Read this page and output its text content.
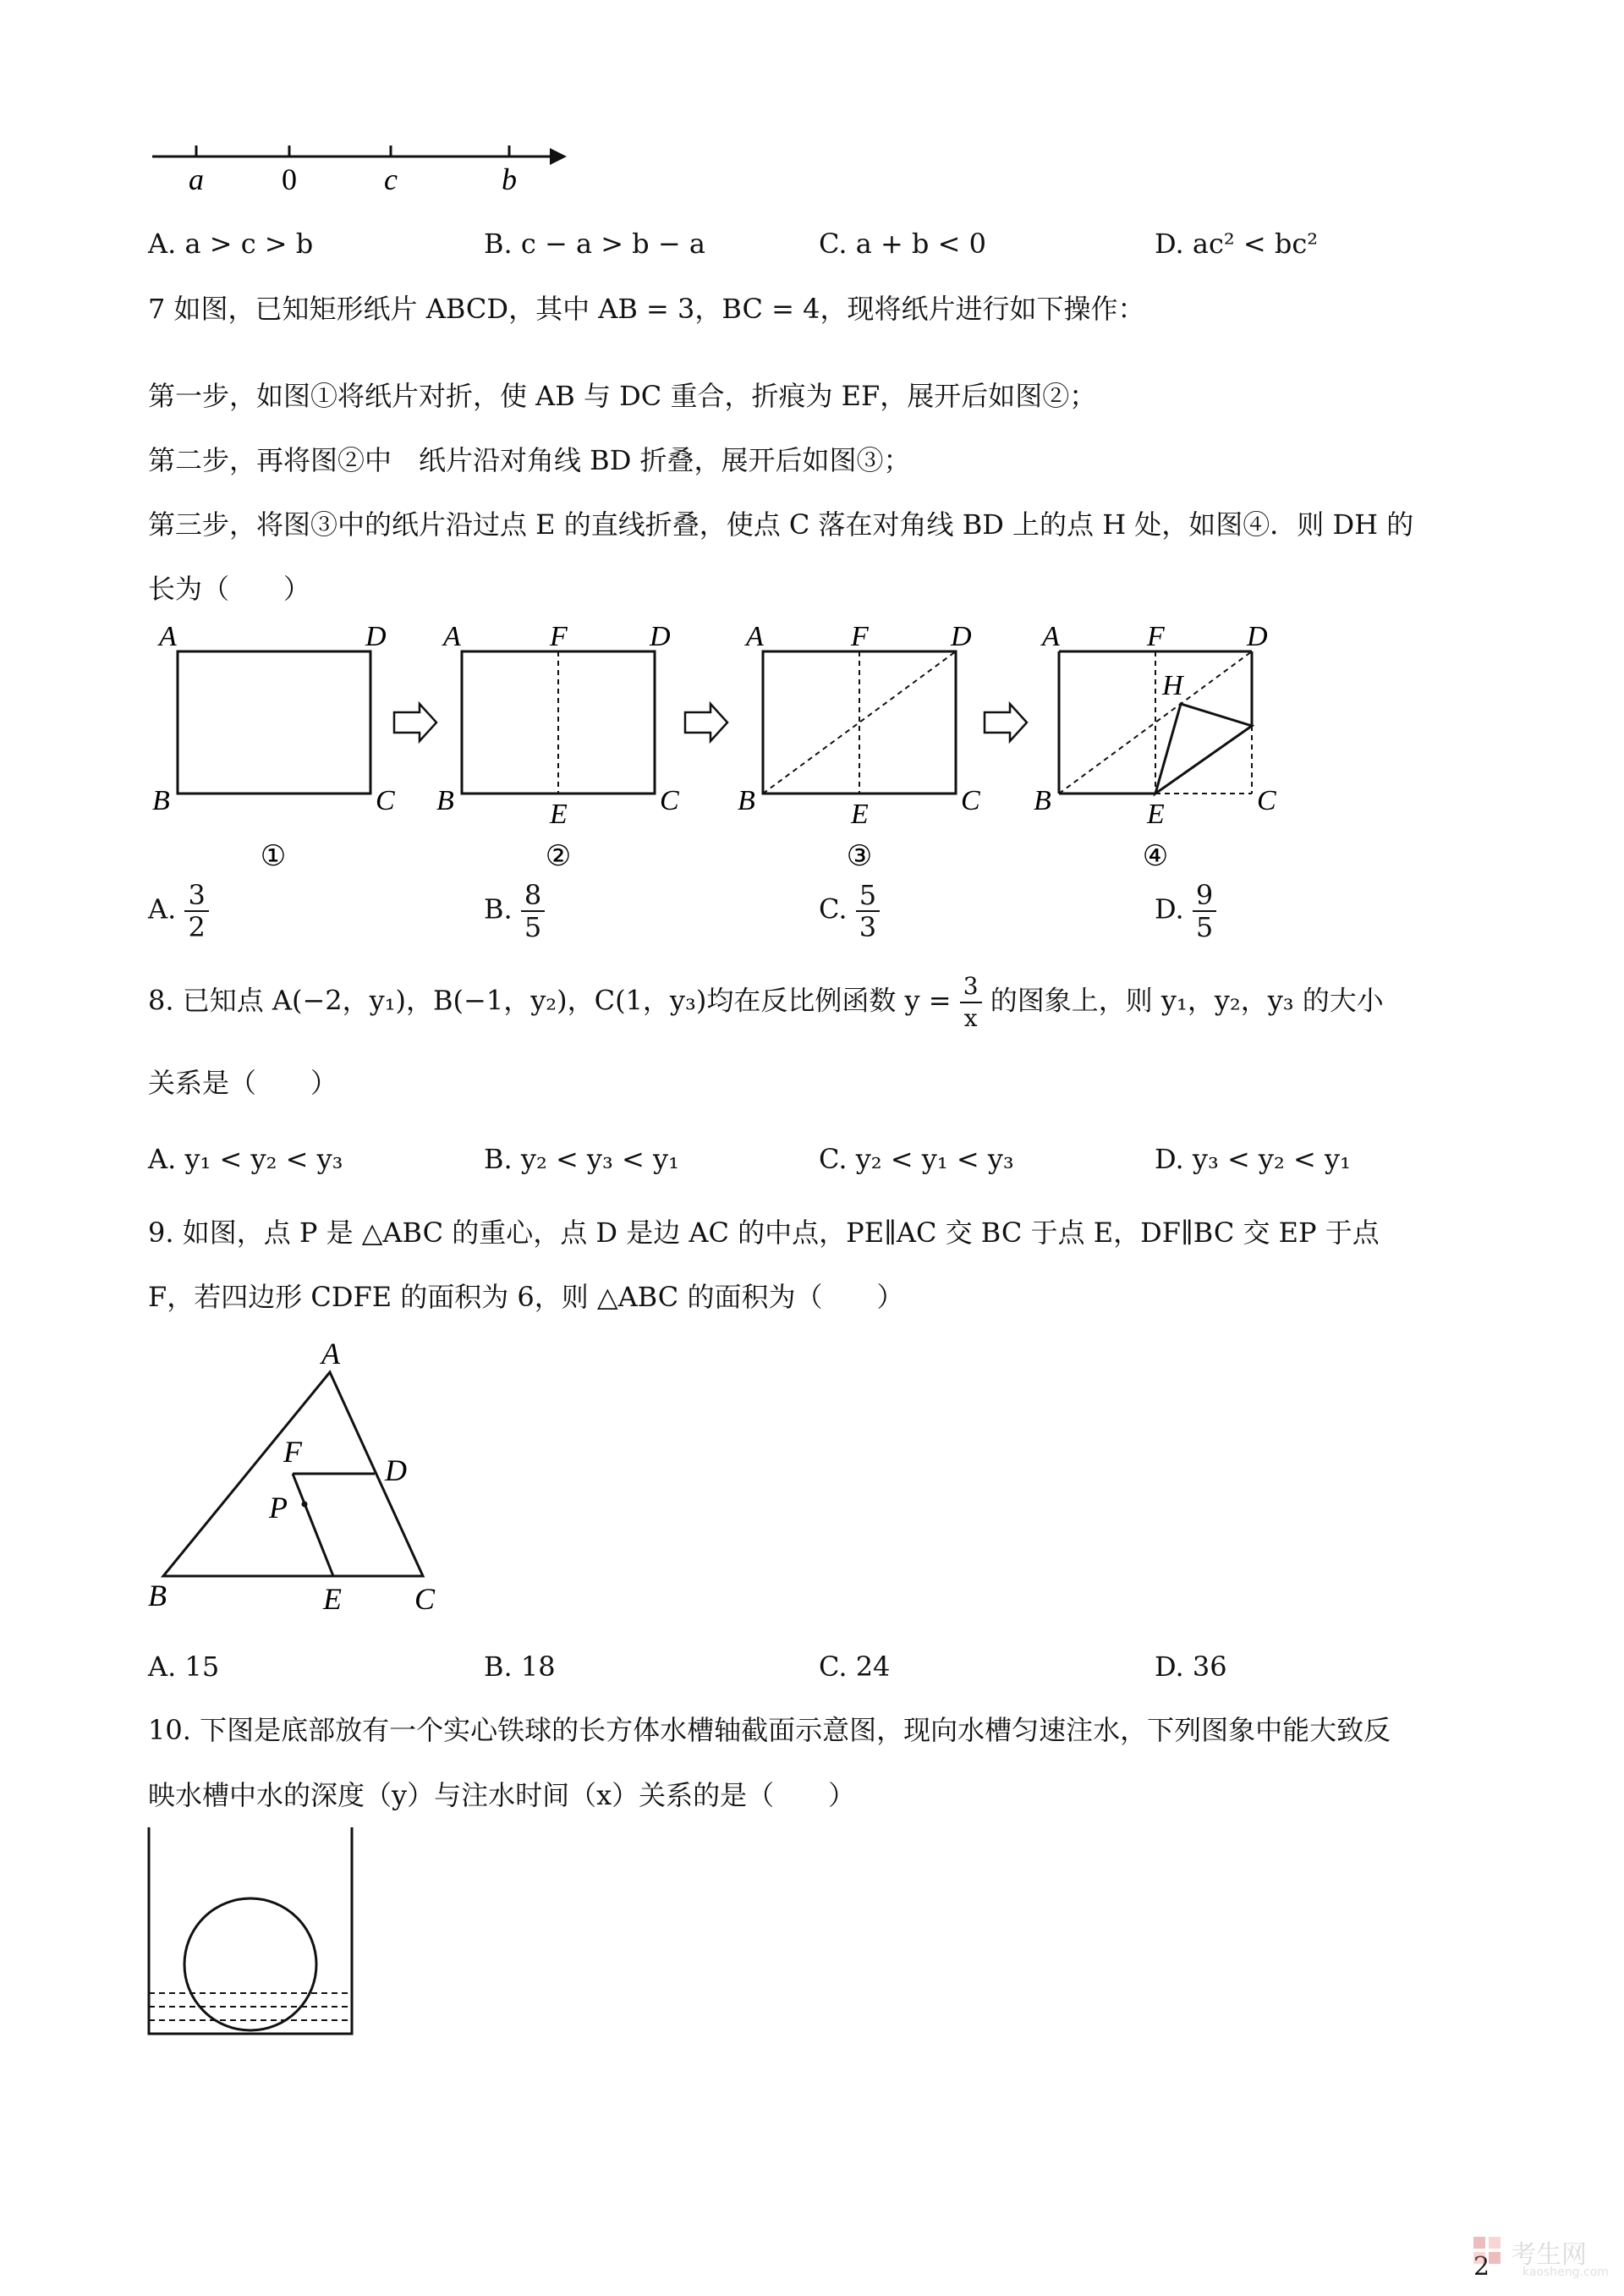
a	0	c	b
A. a > c > b	B. c − a > b − a	C. a + b < 0	D. ac² < bc²
7 如图，已知矩形纸片 ABCD，其中 AB = 3，BC = 4，现将纸片进行如下操作：
第一步，如图①将纸片对折，使 AB 与 DC 重合，折痕为 EF，展开后如图②；
第二步，再将图②中　纸片沿对角线 BD 折叠，展开后如图③；
第三步，将图③中的纸片沿过点 E 的直线折叠，使点 C 落在对角线 BD 上的点 H 处，如图④．则 DH 的
长为（　　）
A	D
B	C
①
A	F	D
B	E	C
②
A	F	D
B	E	C
③
A	F	D
H
B	E	C
④
A. $\frac{3}{2}$	B. $\frac{8}{5}$	C. $\frac{5}{3}$	D. $\frac{9}{5}$
8. 已知点 A(−2，y₁)，B(−1，y₂)，C(1，y₃)均在反比例函数 $y = \frac{3}{x}$ 的图象上，则 y₁，y₂，y₃ 的大小
关系是（　　）
A. y₁ < y₂ < y₃	B. y₂ < y₃ < y₁	C. y₂ < y₁ < y₃	D. y₃ < y₂ < y₁
9. 如图，点 P 是 △ABC 的重心，点 D 是边 AC 的中点，PE∥AC 交 BC 于点 E，DF∥BC 交 EP 于点
F，若四边形 CDFE 的面积为 6，则 △ABC 的面积为（　　）
A
F
D
P
B	E C
A. 15	B. 18	C. 24	D. 36
10. 下图是底部放有一个实心铁球的长方体水槽轴截面示意图，现向水槽匀速注水，下列图象中能大致反
映水槽中水的深度（y）与注水时间（x）关系的是（　　）
2 考生网
kaosheng.com
